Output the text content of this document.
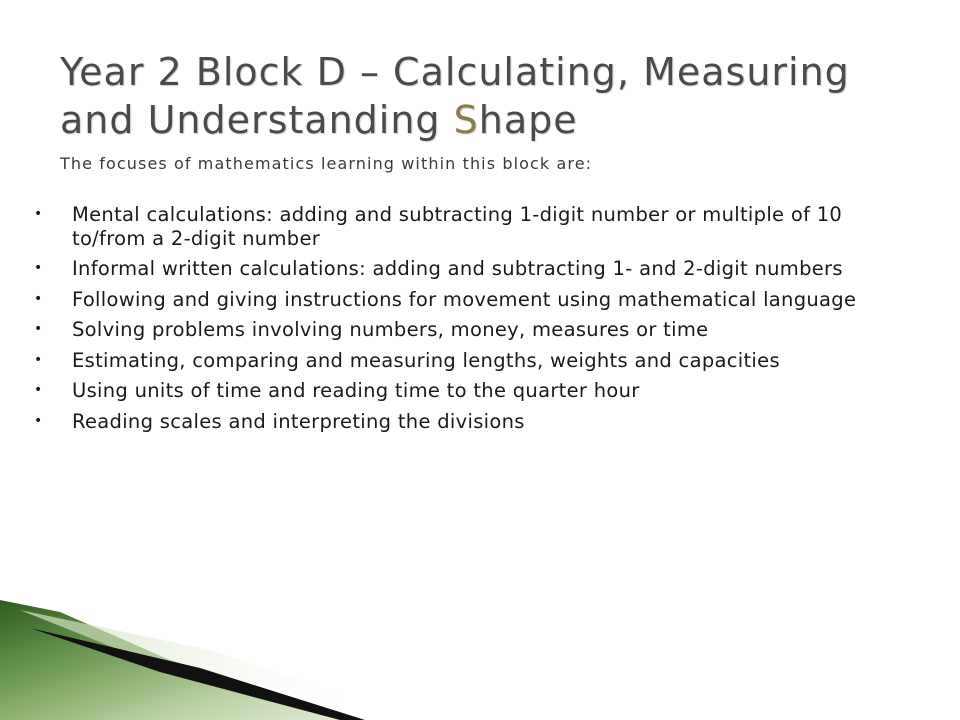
Year 2 Block D – Calculating, Measuring and Understanding Shape

The focuses of mathematics learning within this block are:

• Mental calculations: adding and subtracting 1-digit number or multiple of 10 to/from a 2-digit number
• Informal written calculations: adding and subtracting 1- and 2-digit numbers
• Following and giving instructions for movement using mathematical language
• Solving problems involving numbers, money, measures or time
• Estimating, comparing and measuring lengths, weights and capacities
• Using units of time and reading time to the quarter hour
• Reading scales and interpreting the divisions
